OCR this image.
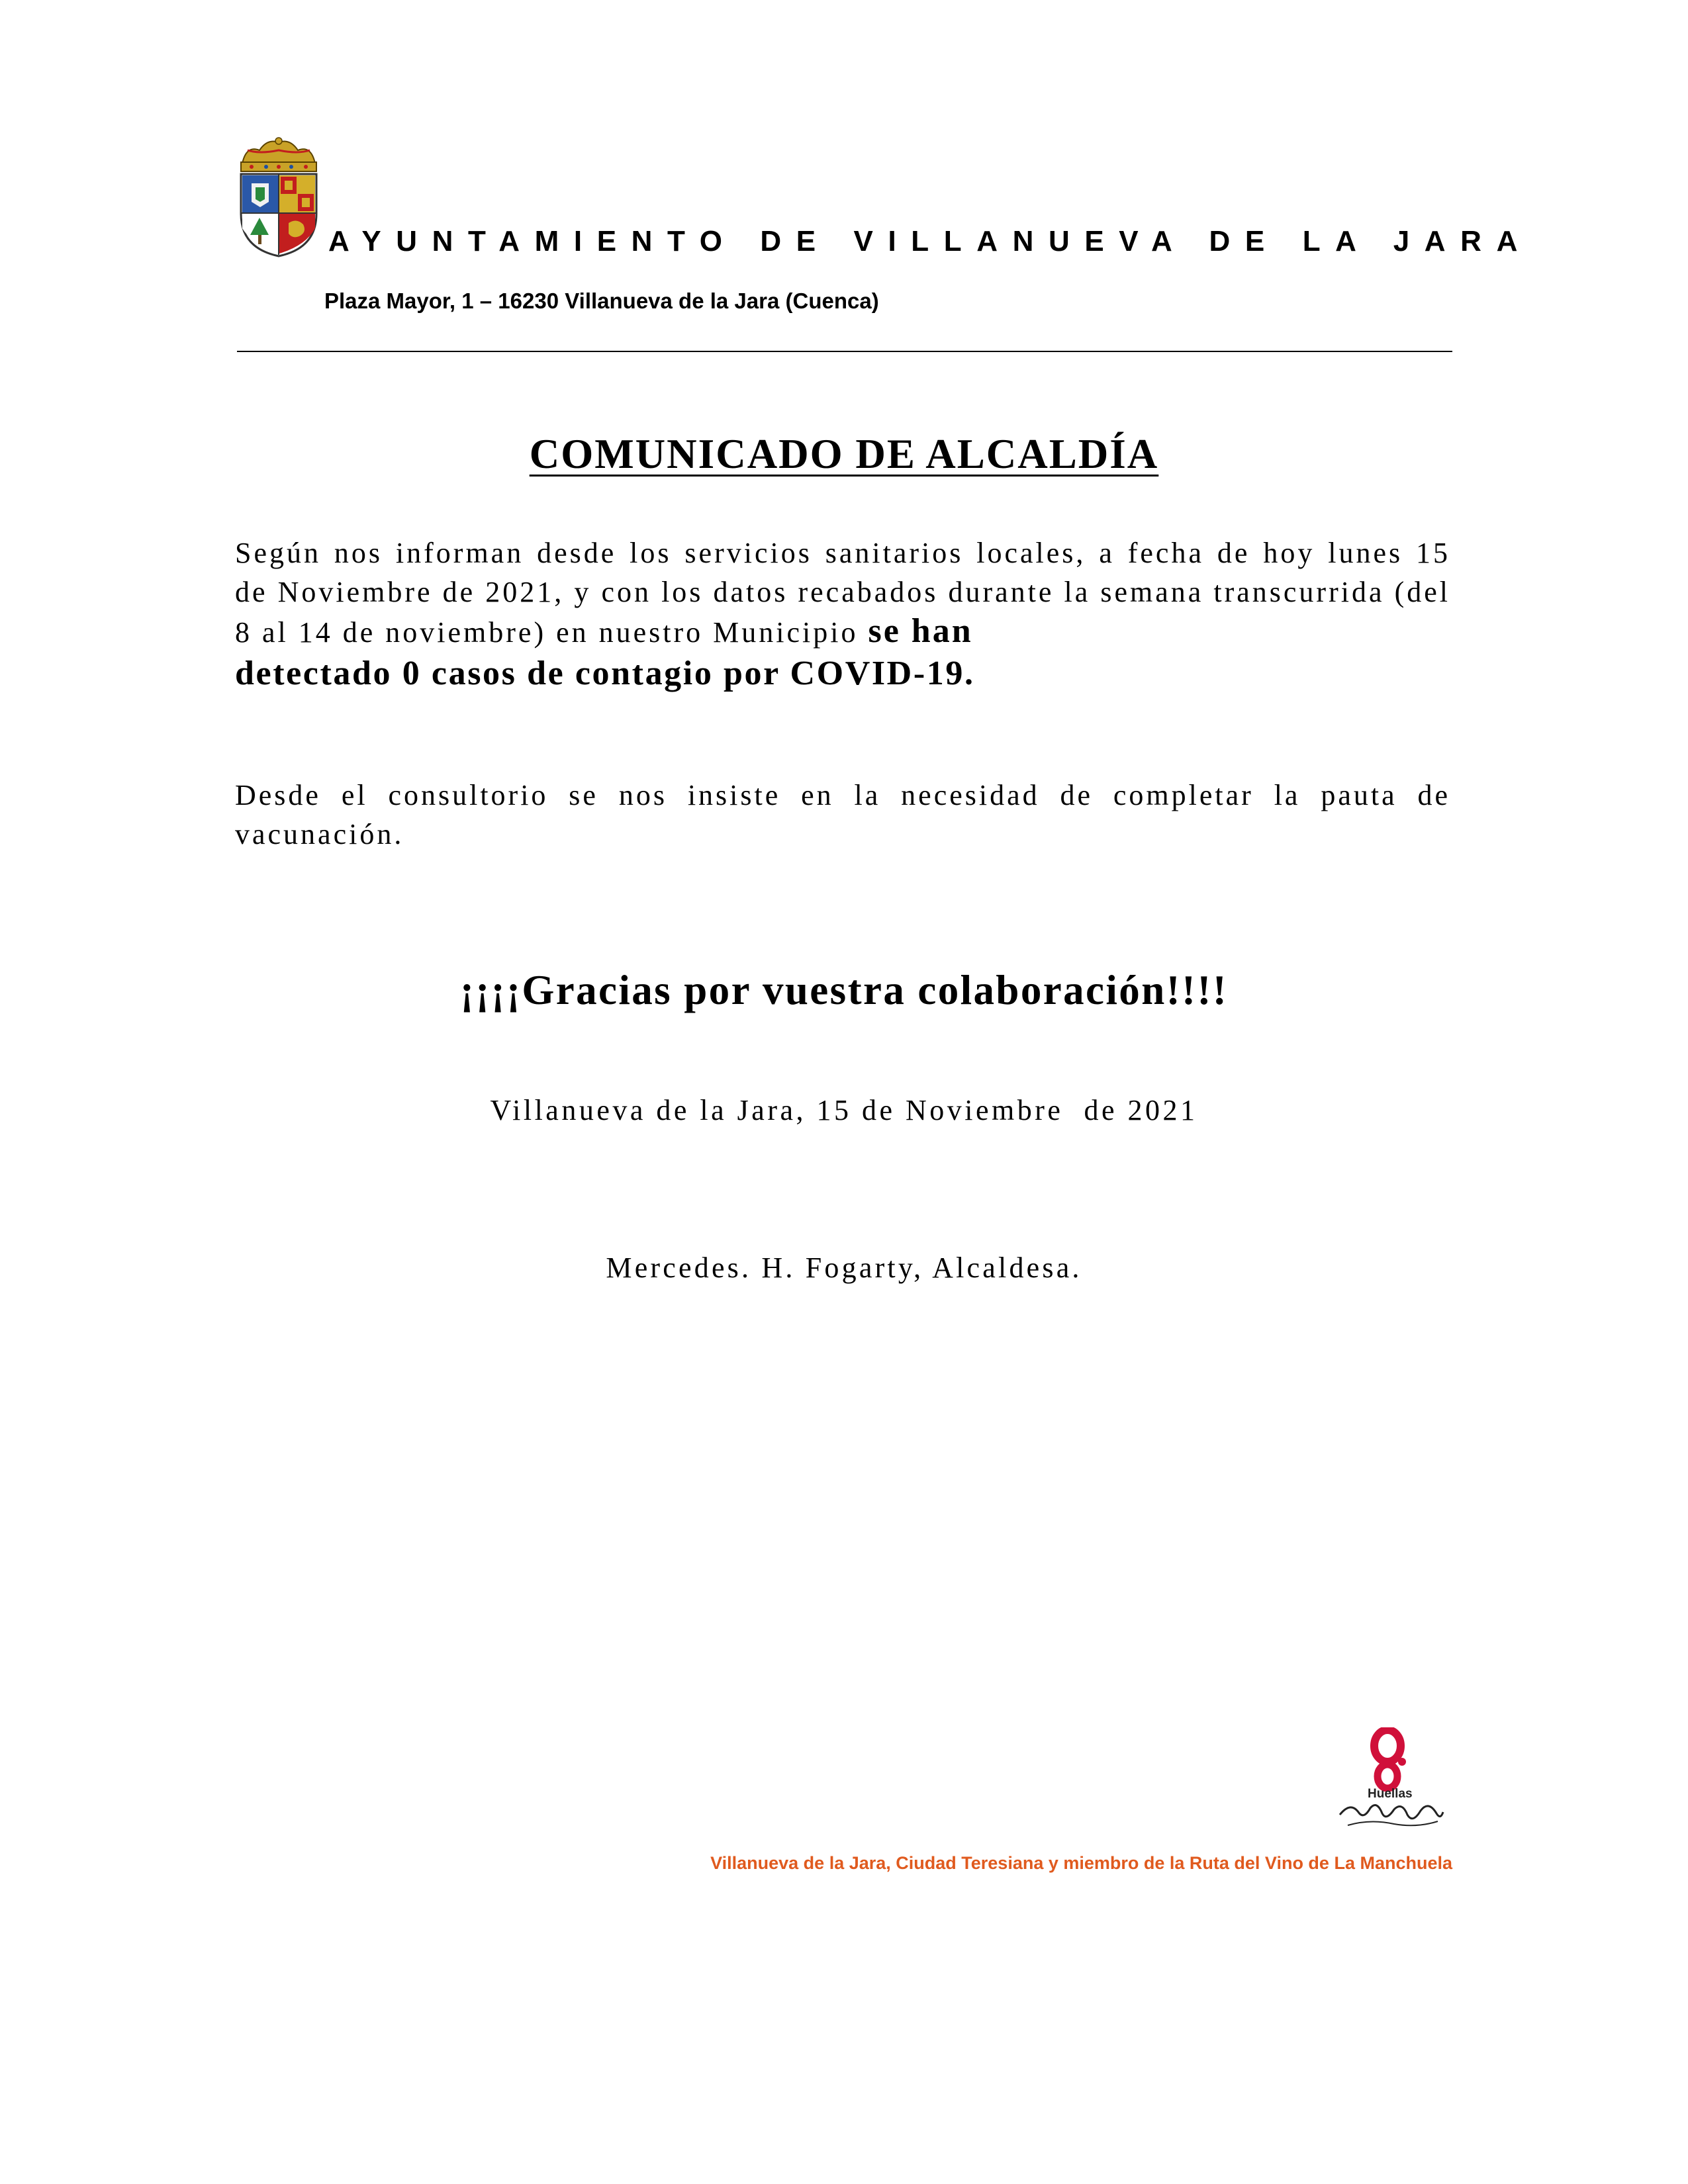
AYUNTAMIENTO DE VILLANUEVA DE LA JARA
Plaza Mayor, 1 – 16230 Villanueva de la Jara (Cuenca)
COMUNICADO DE ALCALDÍA
Según nos informan desde los servicios sanitarios locales, a fecha de hoy lunes 15 de Noviembre de 2021, y con los datos recabados durante la semana transcurrida (del 8 al 14 de noviembre) en nuestro Municipio se han
detectado 0 casos de contagio por COVID-19.
Desde el consultorio se nos insiste en la necesidad de completar la pauta de vacunación.
¡¡¡¡Gracias por vuestra colaboración!!!!
Villanueva de la Jara, 15 de Noviembre  de 2021
Mercedes. H. Fogarty, Alcaldesa.
Huellas
Villanueva de la Jara, Ciudad Teresiana y miembro de la Ruta del Vino de La Manchuela
